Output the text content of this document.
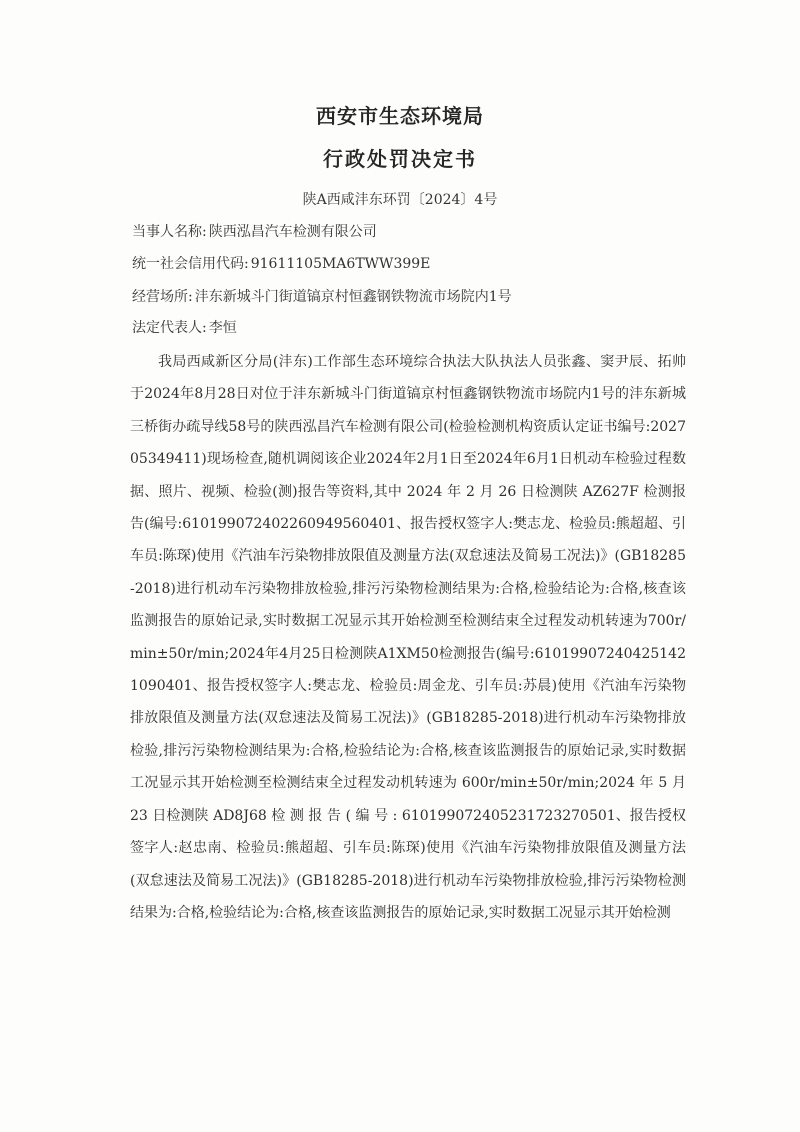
西安市生态环境局
行政处罚决定书
陕A西咸沣东环罚〔2024〕4号
当事人名称: 陕西泓昌汽车检测有限公司
统一社会信用代码: 91611105MA6TWW399E
经营场所: 沣东新城斗门街道镐京村恒鑫钢铁物流市场院内1号
法定代表人: 李恒

我局西咸新区分局(沣东)工作部生态环境综合执法大队执法人员张鑫、窦尹辰、拓帅于2024年8月28日对位于沣东新城斗门街道镐京村恒鑫钢铁物流市场院内1号的沣东新城三桥街办疏导线58号的陕西泓昌汽车检测有限公司(检验检测机构资质认定证书编号:202705349411)现场检查,随机调阅该企业2024年2月1日至2024年6月1日机动车检验过程数据、照片、视频、检验(测)报告等资料,其中 2024 年 2 月 26 日检测陕 AZ627F 检测报告(编号:6101990724022609495604​01、报告授权签字人:樊志龙、检验员:熊超超、引车员:陈琛)使用《汽油车污染物排放限值及测量方法(双怠速法及简易工况法)》(GB18285-2018)进行机动车污染物排放检验,排污污染物检测结果为:合格,检验结论为:合格,核查该监测报告的原始记录,实时数据工况显示其开始检测至检测结束全过程发动机转速为700r/min±50r/min;2024年4月25日检测陕A1XM50检测报告(编号:6101990724042514210904​01、报告授权签字人:樊志龙、检验员:周金龙、引车员:苏晨)使用《汽油车污染物排放限值及测量方法(双怠速法及简易工况法)》(GB18285-2018)进行机动车污染物排放检验,排污污染物检测结果为:合格,检验结论为:合格,核查该监测报告的原始记录,实时数据工况显示其开始检测至检测结束全过程发动机转速为 600r/min±50r/min;2024 年 5 月 23 日检测陕 AD8J68 检 测 报 告 ( 编 号 : 6101990724052317232705​01、报告授权签字人:赵忠南、检验员:熊超超、引车员:陈琛)使用《汽油车污染物排放限值及测量方法(双怠速法及简易工况法)》(GB18285-2018)进行机动车污染物排放检验,排污污染物检测结果为:合格,检验结论为:合格,核查该监测报告的原始记录,实时数据工况显示其开始检测
